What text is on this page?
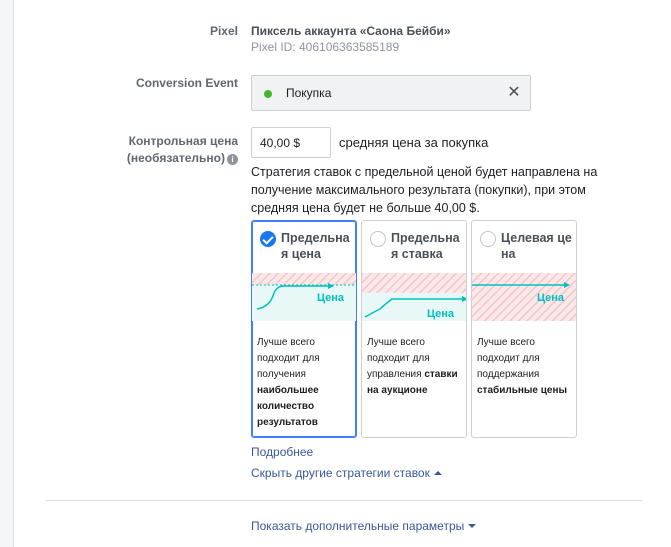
Pixel Пиксель аккаунта «Саона Бейби»
Pixel ID: 406106363585189
Conversion Event
Покупка	✕
Контрольная цена
(необязательно) i
40,00 $
средняя цена за покупка
Стратегия ставок с предельной ценой будет направлена на получение максимального результата (покупки), при этом средняя цена будет не больше 40,00 $.
Предельная цена
Цена
Лучше всего подходит для получения наибольшее количество результатов
Предельная ставка
Цена
Лучше всего подходит для управления ставки на аукционе
Целевая цена
Цена
Лучше всего подходит для поддержания стабильные цены
Подробнее
Скрыть другие стратегии ставок
Показать дополнительные параметры
